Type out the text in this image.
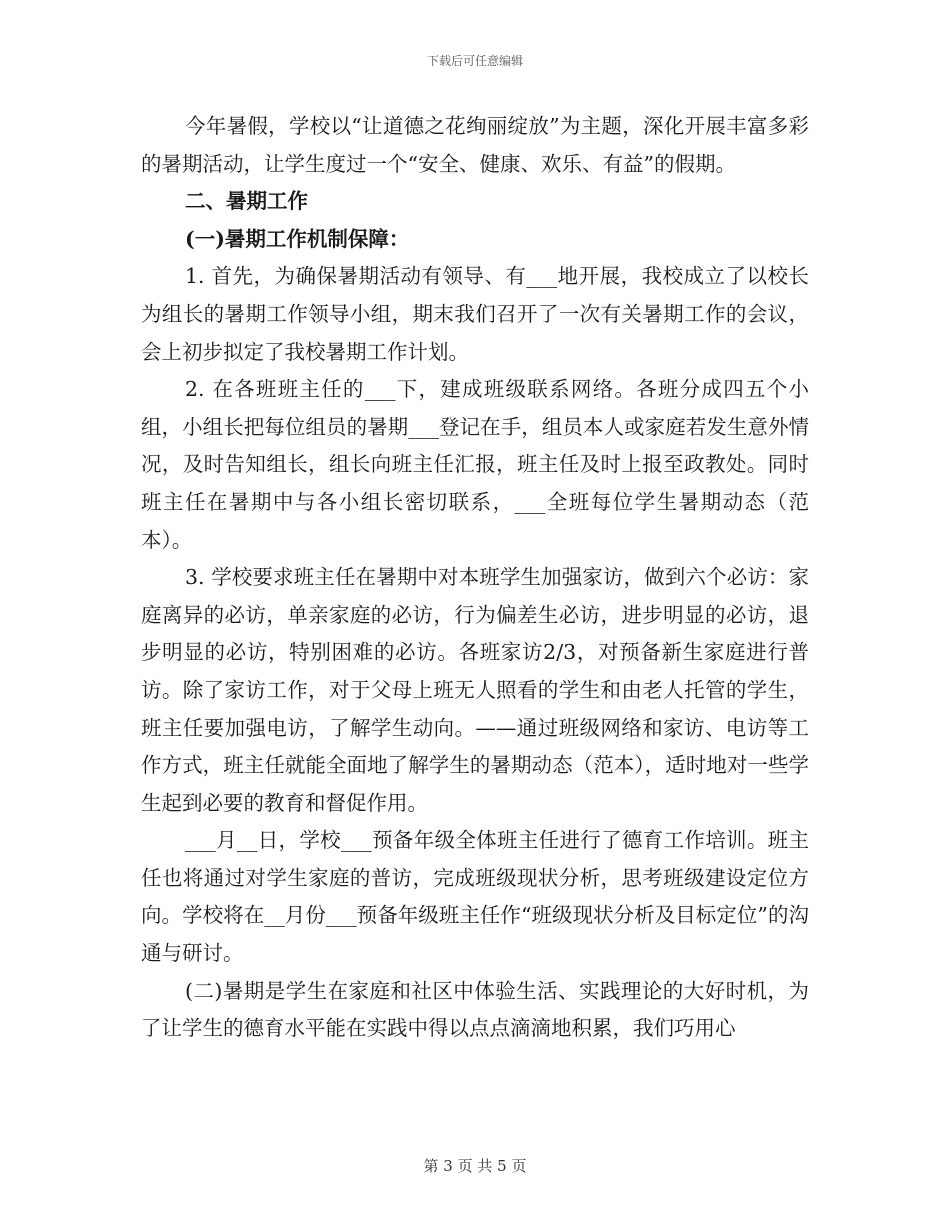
下载后可任意编辑

今年暑假，学校以“让道德之花绚丽绽放”为主题，深化开展丰富多彩的暑期活动，让学生度过一个“安全、健康、欢乐、有益”的假期。

二、暑期工作

(一)暑期工作机制保障：

1. 首先，为确保暑期活动有领导、有___地开展，我校成立了以校长为组长的暑期工作领导小组，期末我们召开了一次有关暑期工作的会议，会上初步拟定了我校暑期工作计划。

2. 在各班班主任的___下，建成班级联系网络。各班分成四五个小组，小组长把每位组员的暑期___登记在手，组员本人或家庭若发生意外情况，及时告知组长，组长向班主任汇报，班主任及时上报至政教处。同时班主任在暑期中与各小组长密切联系，___全班每位学生暑期动态（范本）。

3. 学校要求班主任在暑期中对本班学生加强家访，做到六个必访：家庭离异的必访，单亲家庭的必访，行为偏差生必访，进步明显的必访，退步明显的必访，特别困难的必访。各班家访2/3，对预备新生家庭进行普访。除了家访工作，对于父母上班无人照看的学生和由老人托管的学生，班主任要加强电访，了解学生动向。——通过班级网络和家访、电访等工作方式，班主任就能全面地了解学生的暑期动态（范本），适时地对一些学生起到必要的教育和督促作用。

___月__日，学校___预备年级全体班主任进行了德育工作培训。班主任也将通过对学生家庭的普访，完成班级现状分析，思考班级建设定位方向。学校将在__月份___预备年级班主任作“班级现状分析及目标定位”的沟通与研讨。

(二)暑期是学生在家庭和社区中体验生活、实践理论的大好时机，为了让学生的德育水平能在实践中得以点点滴滴地积累，我们巧用心

第 3 页 共 5 页
